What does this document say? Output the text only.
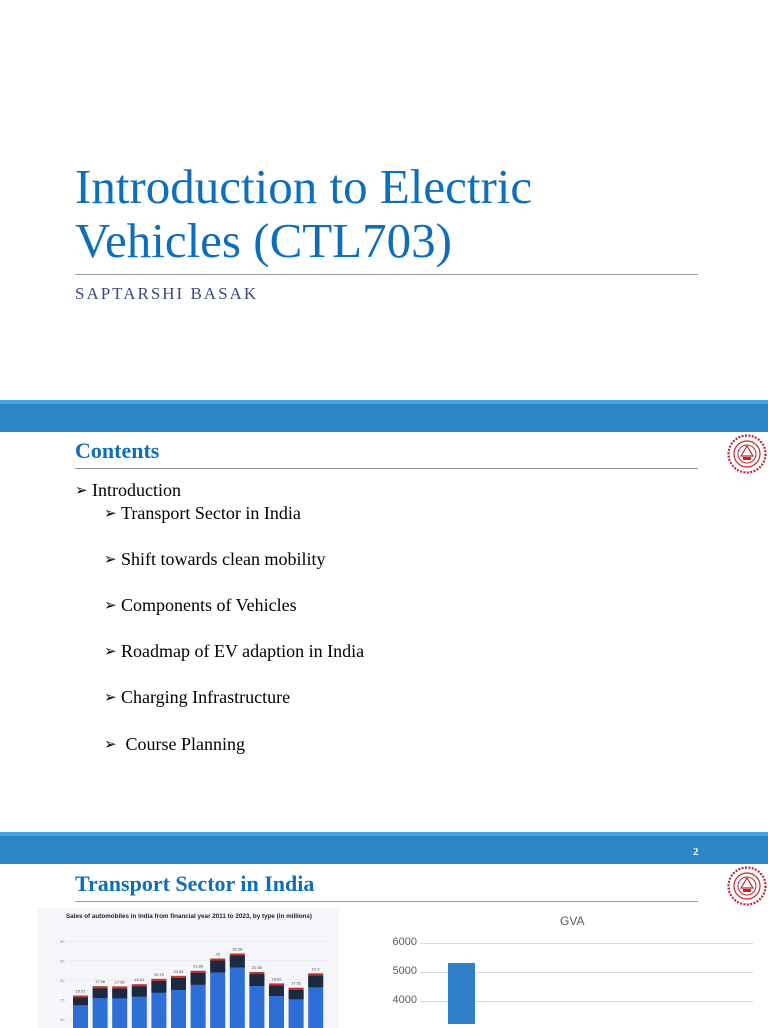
Introduction to Electric
Vehicles (CTL703)

SAPTARSHI BASAK

Contents
➢ Introduction
➢ Transport Sector in India
➢ Shift towards clean mobility
➢ Components of Vehicles
➢ Roadmap of EV adaption in India
➢ Charging Infrastructure
➢ Course Planning
2
Transport Sector in India
Sales of automobiles in India from financial year 2011 to 2023, by type (in millions)
30
25
20
15
10
15.51
17.90 17.85 18.41
19.79
20.55
21.86
25
26.28
21.55
18.62
17.52
21.2
GVA
6000
5000
4000
